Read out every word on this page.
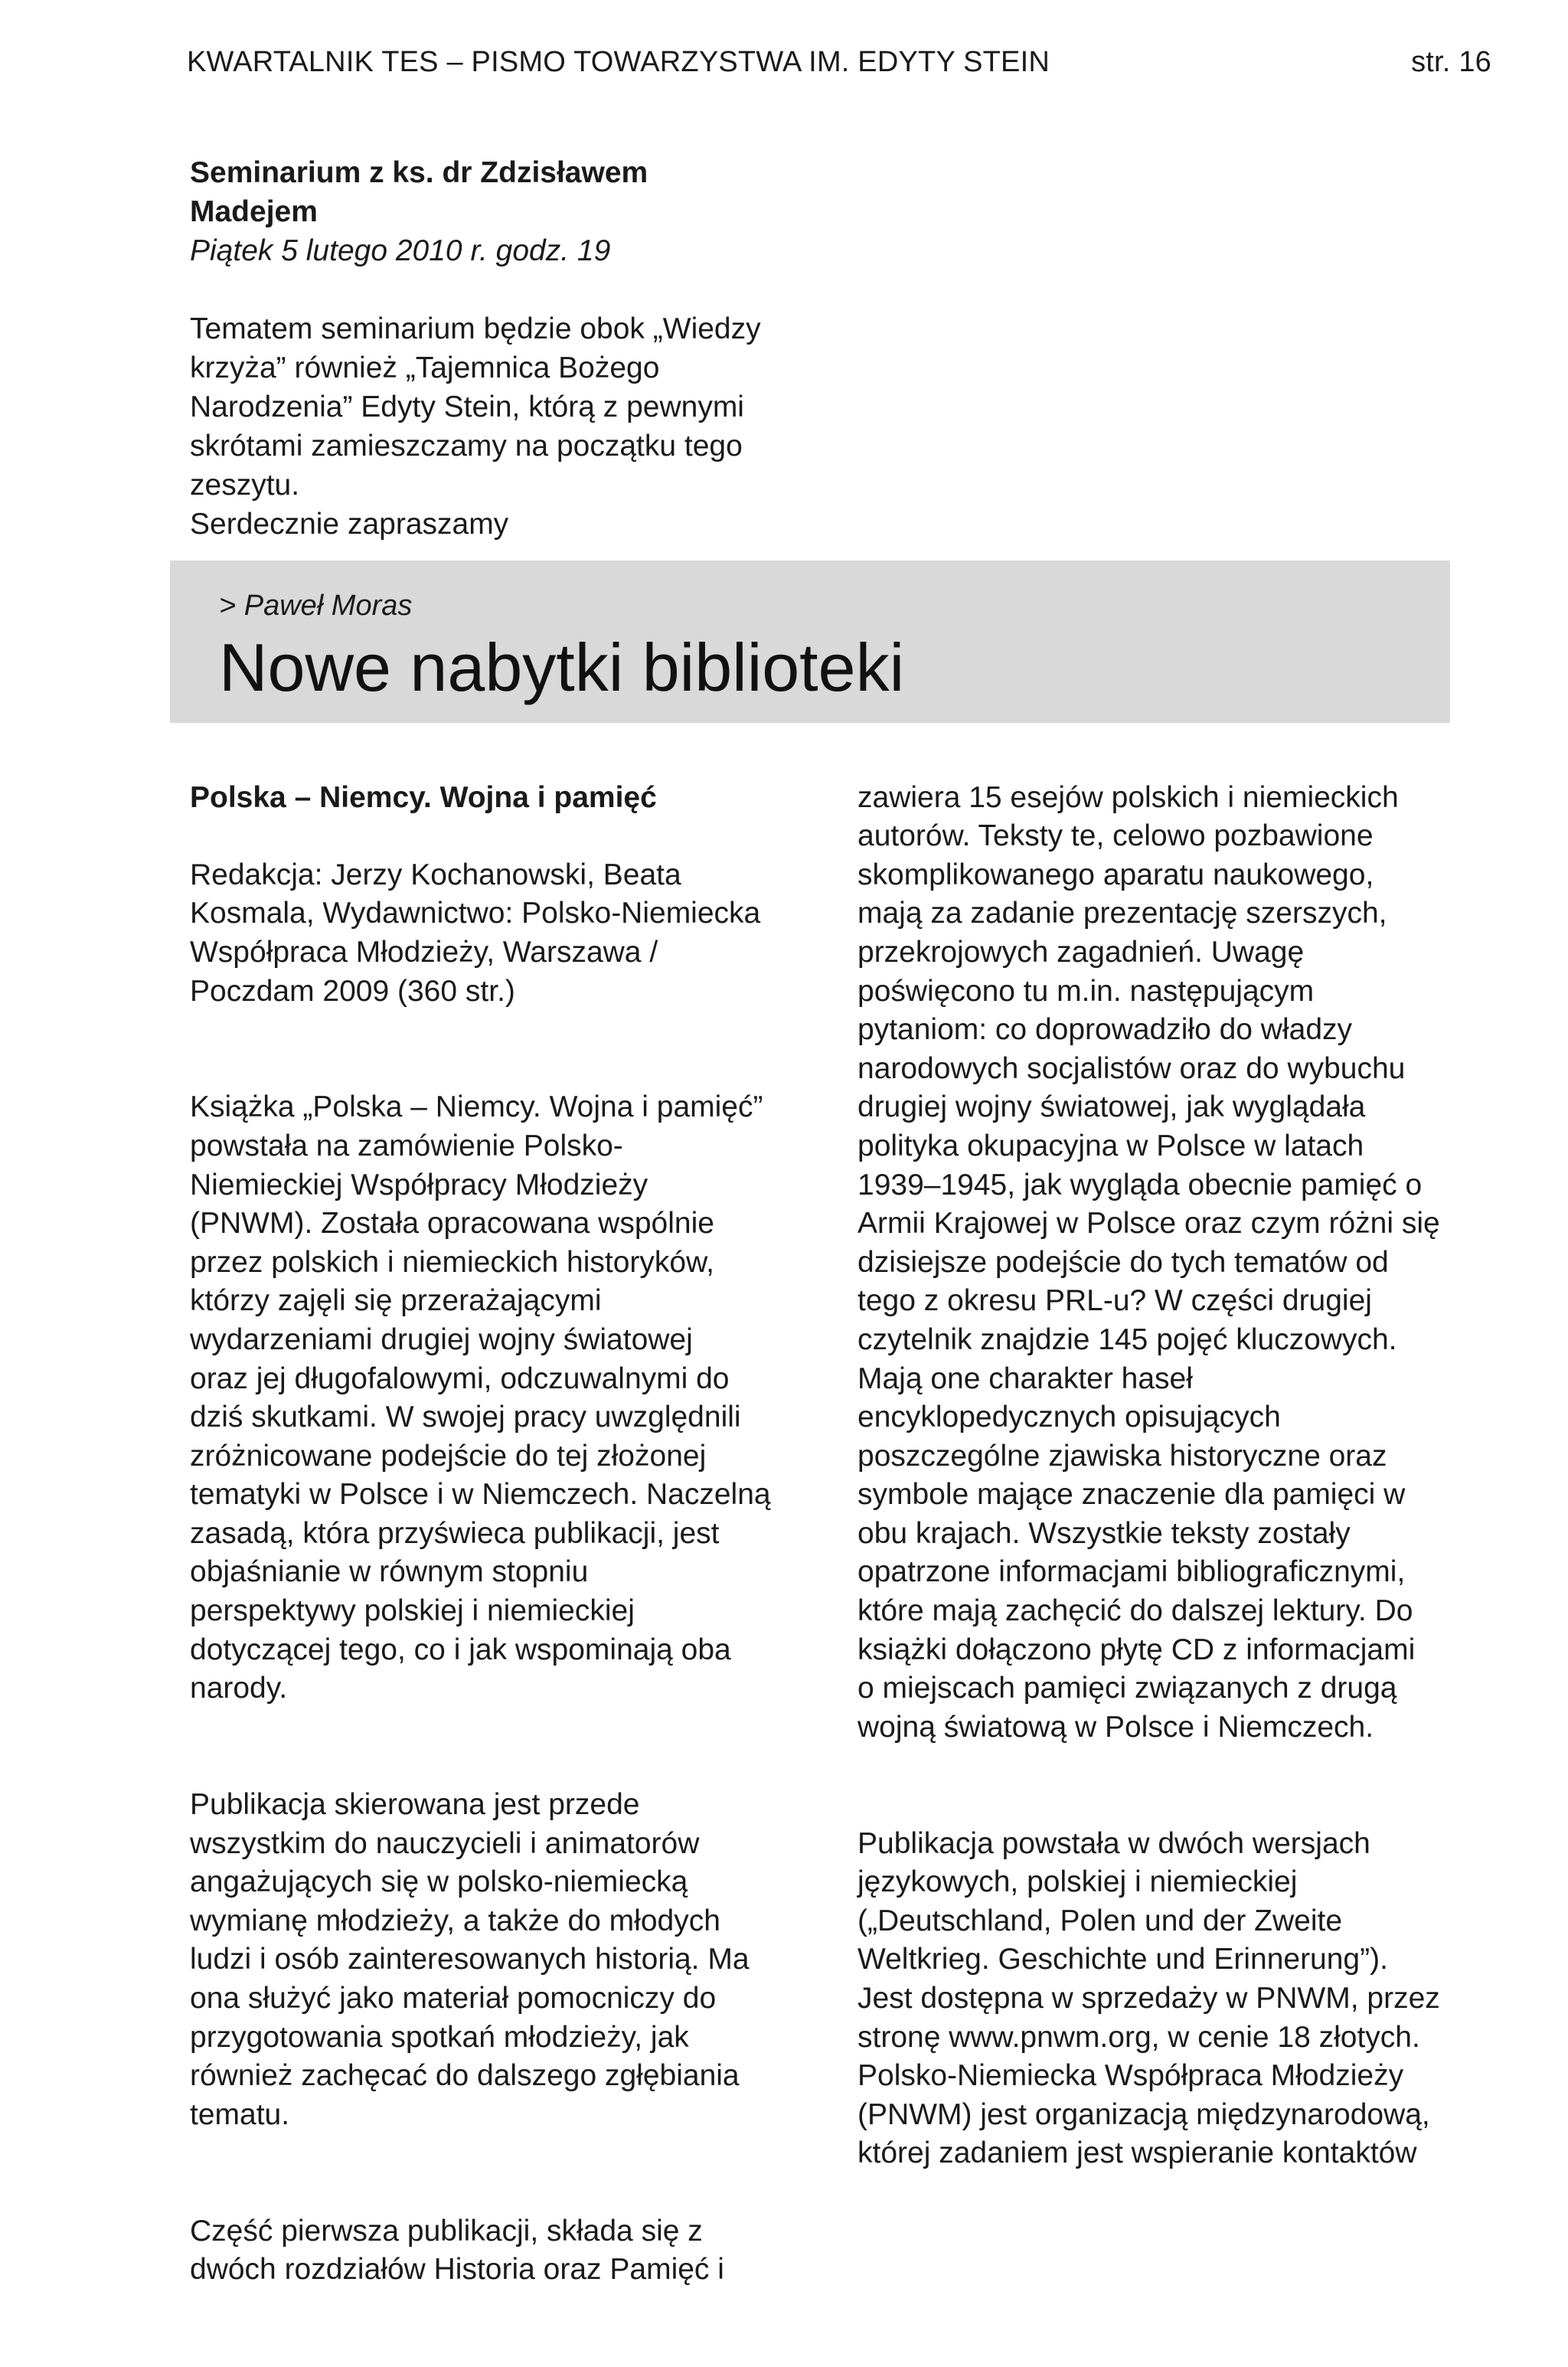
KWARTALNIK TES – PISMO TOWARZYSTWA IM. EDYTY STEIN	str. 16
Seminarium z ks. dr Zdzisławem
Madejem
Piątek 5 lutego 2010 r. godz. 19
Tematem seminarium będzie obok „Wiedzy
krzyża” również „Tajemnica Bożego
Narodzenia” Edyty Stein, którą z pewnymi
skrótami zamieszczamy na początku tego
zeszytu.
Serdecznie zapraszamy
> Paweł Moras
Nowe nabytki biblioteki

Polska – Niemcy. Wojna i pamięć

Redakcja: Jerzy Kochanowski, Beata
Kosmala, Wydawnictwo: Polsko-Niemiecka
Współpraca Młodzieży, Warszawa /
Poczdam 2009 (360 str.)

Książka „Polska – Niemcy. Wojna i pamięć”
powstała na zamówienie Polsko-
Niemieckiej Współpracy Młodzieży
(PNWM). Została opracowana wspólnie
przez polskich i niemieckich historyków,
którzy zajęli się przerażającymi
wydarzeniami drugiej wojny światowej
oraz jej długofalowymi, odczuwalnymi do
dziś skutkami. W swojej pracy uwzględnili
zróżnicowane podejście do tej złożonej
tematyki w Polsce i w Niemczech. Naczelną
zasadą, która przyświeca publikacji, jest
objaśnianie w równym stopniu
perspektywy polskiej i niemieckiej
dotyczącej tego, co i jak wspominają oba
narody.

Publikacja skierowana jest przede
wszystkim do nauczycieli i animatorów
angażujących się w polsko-niemiecką
wymianę młodzieży, a także do młodych
ludzi i osób zainteresowanych historią. Ma
ona służyć jako materiał pomocniczy do
przygotowania spotkań młodzieży, jak
również zachęcać do dalszego zgłębiania
tematu.

Część pierwsza publikacji, składa się z
dwóch rozdziałów Historia oraz Pamięć i

zawiera 15 esejów polskich i niemieckich
autorów. Teksty te, celowo pozbawione
skomplikowanego aparatu naukowego,
mają za zadanie prezentację szerszych,
przekrojowych zagadnień. Uwagę
poświęcono tu m.in. następującym
pytaniom: co doprowadziło do władzy
narodowych socjalistów oraz do wybuchu
drugiej wojny światowej, jak wyglądała
polityka okupacyjna w Polsce w latach
1939–1945, jak wygląda obecnie pamięć o
Armii Krajowej w Polsce oraz czym różni się
dzisiejsze podejście do tych tematów od
tego z okresu PRL-u? W części drugiej
czytelnik znajdzie 145 pojęć kluczowych.
Mają one charakter haseł
encyklopedycznych opisujących
poszczególne zjawiska historyczne oraz
symbole mające znaczenie dla pamięci w
obu krajach. Wszystkie teksty zostały
opatrzone informacjami bibliograficznymi,
które mają zachęcić do dalszej lektury. Do
książki dołączono płytę CD z informacjami
o miejscach pamięci związanych z drugą
wojną światową w Polsce i Niemczech.

Publikacja powstała w dwóch wersjach
językowych, polskiej i niemieckiej
(„Deutschland, Polen und der Zweite
Weltkrieg. Geschichte und Erinnerung”).
Jest dostępna w sprzedaży w PNWM, przez
stronę www.pnwm.org, w cenie 18 złotych.
Polsko-Niemiecka Współpraca Młodzieży
(PNWM) jest organizacją międzynarodową,
której zadaniem jest wspieranie kontaktów
